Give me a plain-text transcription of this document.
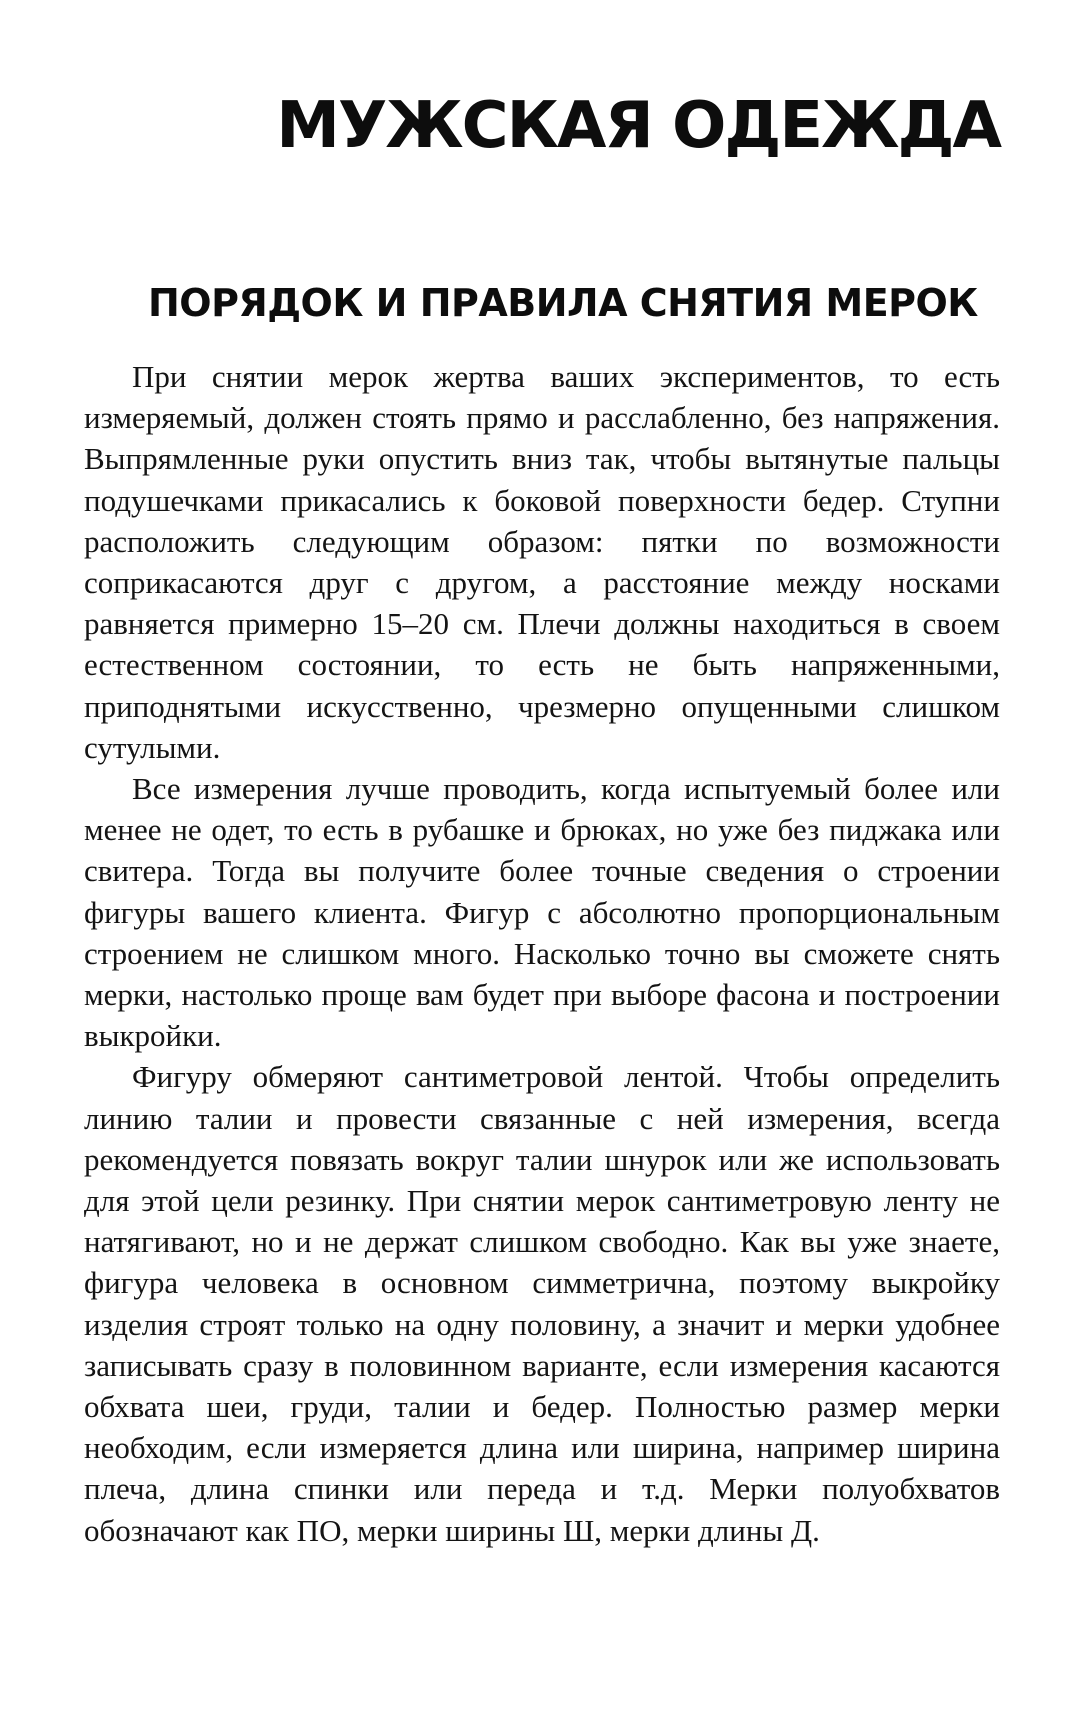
МУЖСКАЯ ОДЕЖДА
ПОРЯДОК И ПРАВИЛА СНЯТИЯ МЕРОК

При снятии мерок жертва ваших экспериментов, то есть измеряемый, должен стоять прямо и расслабленно, без напряжения. Выпрямленные руки опустить вниз так, чтобы вытянутые пальцы подушечками прикасались к боковой поверхности бедер. Ступни расположить следующим образом: пятки по возможности соприкасаются друг с другом, а расстояние между носками равняется примерно 15–20 см. Плечи должны находиться в своем естественном состоянии, то есть не быть напряженными, приподнятыми искусственно, чрезмерно опущенными слишком сутулыми.

Все измерения лучше проводить, когда испытуемый более или менее не одет, то есть в рубашке и брюках, но уже без пиджака или свитера. Тогда вы получите более точные сведения о строении фигуры вашего клиента. Фигур с абсолютно пропорциональным строением не слишком много. Насколько точно вы сможете снять мерки, настолько проще вам будет при выборе фасона и построении выкройки.

Фигуру обмеряют сантиметровой лентой. Чтобы определить линию талии и провести связанные с ней измерения, всегда рекомендуется повязать вокруг талии шнурок или же использовать для этой цели резинку. При снятии мерок сантиметровую ленту не натягивают, но и не держат слишком свободно. Как вы уже знаете, фигура человека в основном симметрична, поэтому выкройку изделия строят только на одну половину, а значит и мерки удобнее записывать сразу в половинном варианте, если измерения касаются обхвата шеи, груди, талии и бедер. Полностью размер мерки необходим, если измеряется длина или ширина, например ширина плеча, длина спинки или переда и т.д. Мерки полуобхватов обозначают как ПО, мерки ширины Ш, мерки длины Д.
